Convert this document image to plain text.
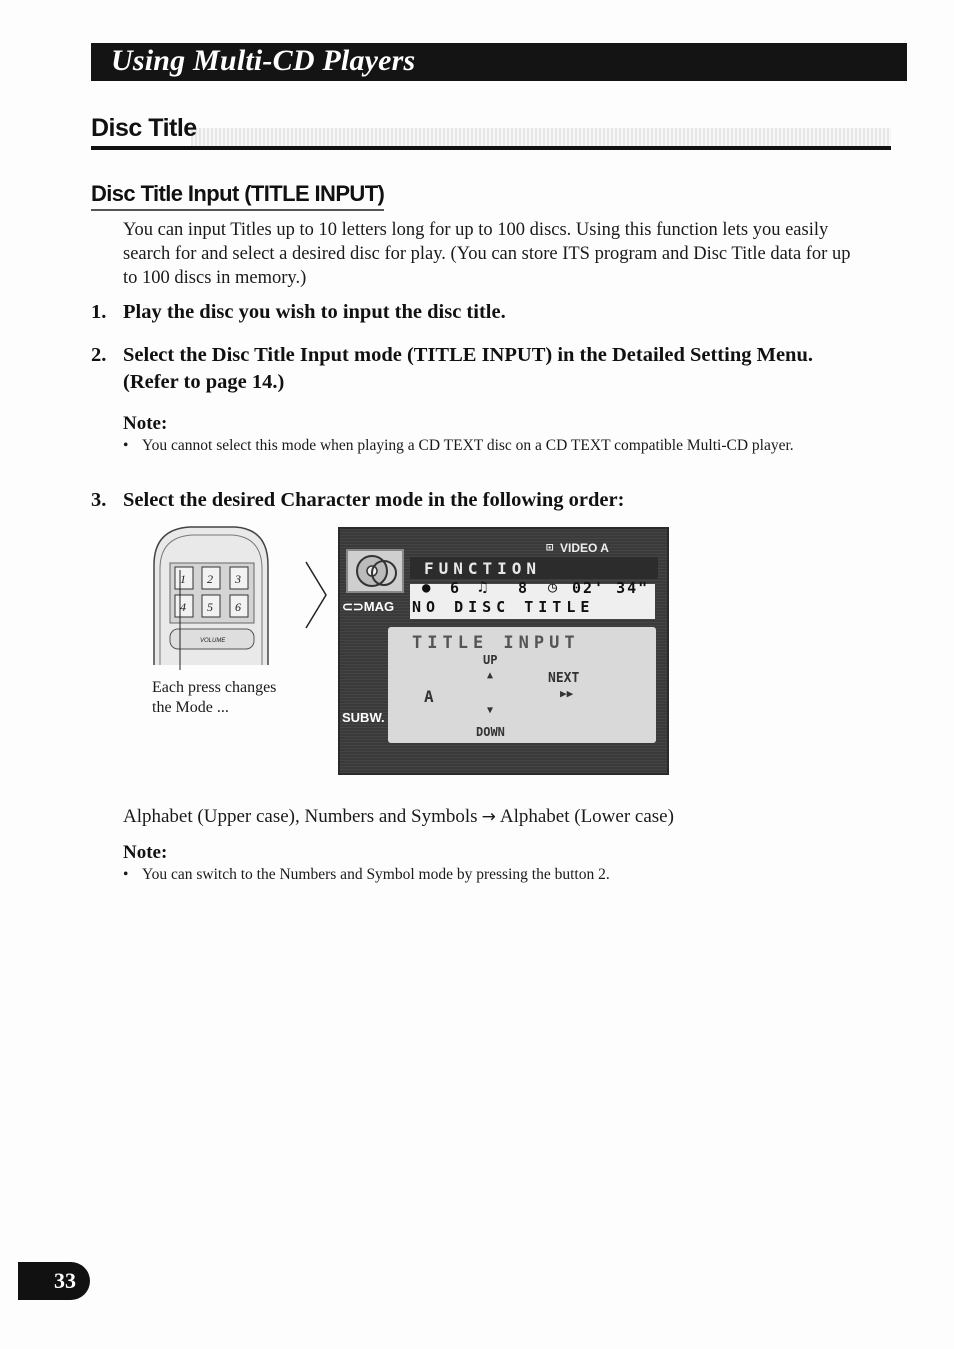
Using Multi-CD Players
Disc Title
Disc Title Input (TITLE INPUT)
You can input Titles up to 10 letters long for up to 100 discs. Using this function lets you easily search for and select a desired disc for play. (You can store ITS program and Disc Title data for up to 100 discs in memory.)
1. Play the disc you wish to input the disc title.
2. Select the Disc Title Input mode (TITLE INPUT) in the Detailed Setting Menu. (Refer to page 14.)
Note:
• You cannot select this mode when playing a CD TEXT disc on a CD TEXT compatible Multi-CD player.
3. Select the desired Character mode in the following order:
1 2 3
4 5 6
VOLUME
Each press changes
the Mode ...
VIDEO A
⊡
FUNCTION
● 6 ♫ 8 ◷ 02' 34"
NO DISC TITLE
⊂⊃MAG
SUBW.
TITLE INPUT
UP
▲	NEXT
▶▶
A
▼
DOWN
Alphabet (Upper case), Numbers and Symbols → Alphabet (Lower case)
Note:
• You can switch to the Numbers and Symbol mode by pressing the button 2.
33
